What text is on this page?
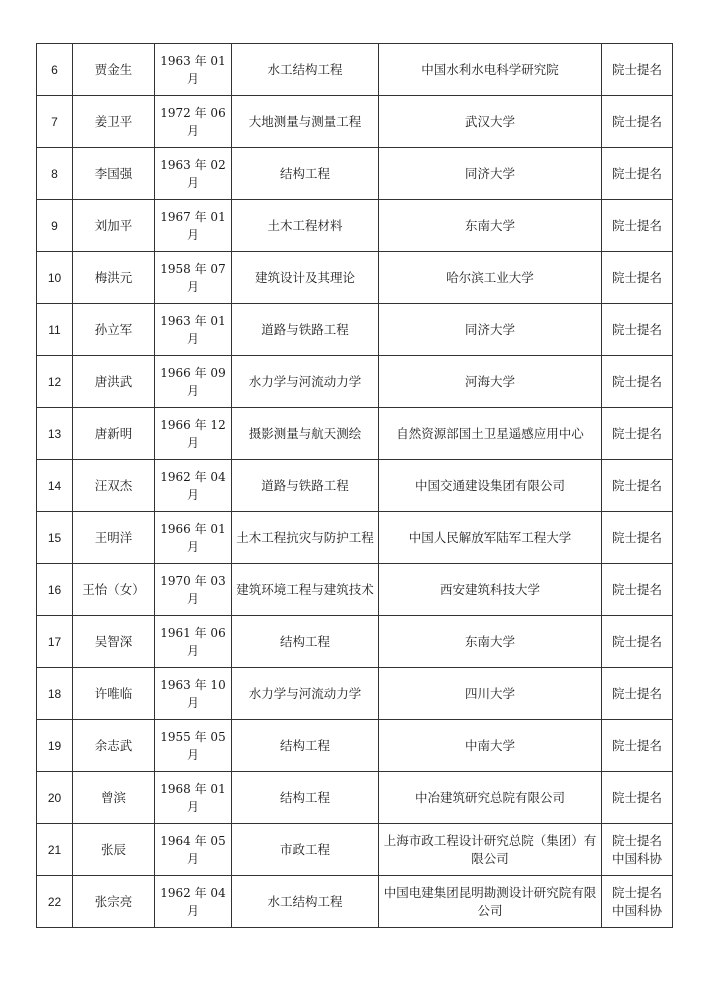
6	贾金生	1963 年 01 月	水工结构工程	中国水利水电科学研究院	院士提名

7	姜卫平	1972 年 06 月	大地测量与测量工程	武汉大学	院士提名

8	李国强	1963 年 02 月	结构工程	同济大学	院士提名

9	刘加平	1967 年 01 月	土木工程材料	东南大学	院士提名

10	梅洪元	1958 年 07 月	建筑设计及其理论	哈尔滨工业大学	院士提名

11	孙立军	1963 年 01 月	道路与铁路工程	同济大学	院士提名

12	唐洪武	1966 年 09 月	水力学与河流动力学	河海大学	院士提名

13	唐新明	1966 年 12 月	摄影测量与航天测绘	自然资源部国土卫星遥感应用中心	院士提名

14	汪双杰	1962 年 04 月	道路与铁路工程	中国交通建设集团有限公司	院士提名

15	王明洋	1966 年 01 月	土木工程抗灾与防护工程	中国人民解放军陆军工程大学	院士提名

16	王怡（女）	1970 年 03 月	建筑环境工程与建筑技术	西安建筑科技大学	院士提名

17	吴智深	1961 年 06 月	结构工程	东南大学	院士提名

18	许唯临	1963 年 10 月	水力学与河流动力学	四川大学	院士提名

19	余志武	1955 年 05 月	结构工程	中南大学	院士提名

20	曾滨	1968 年 01 月	结构工程	中冶建筑研究总院有限公司	院士提名

21	张辰	1964 年 05 月	市政工程	上海市政工程设计研究总院（集团）有限公司	院士提名 中国科协

22	张宗亮	1962 年 04 月	水工结构工程	中国电建集团昆明勘测设计研究院有限公司	院士提名 中国科协
